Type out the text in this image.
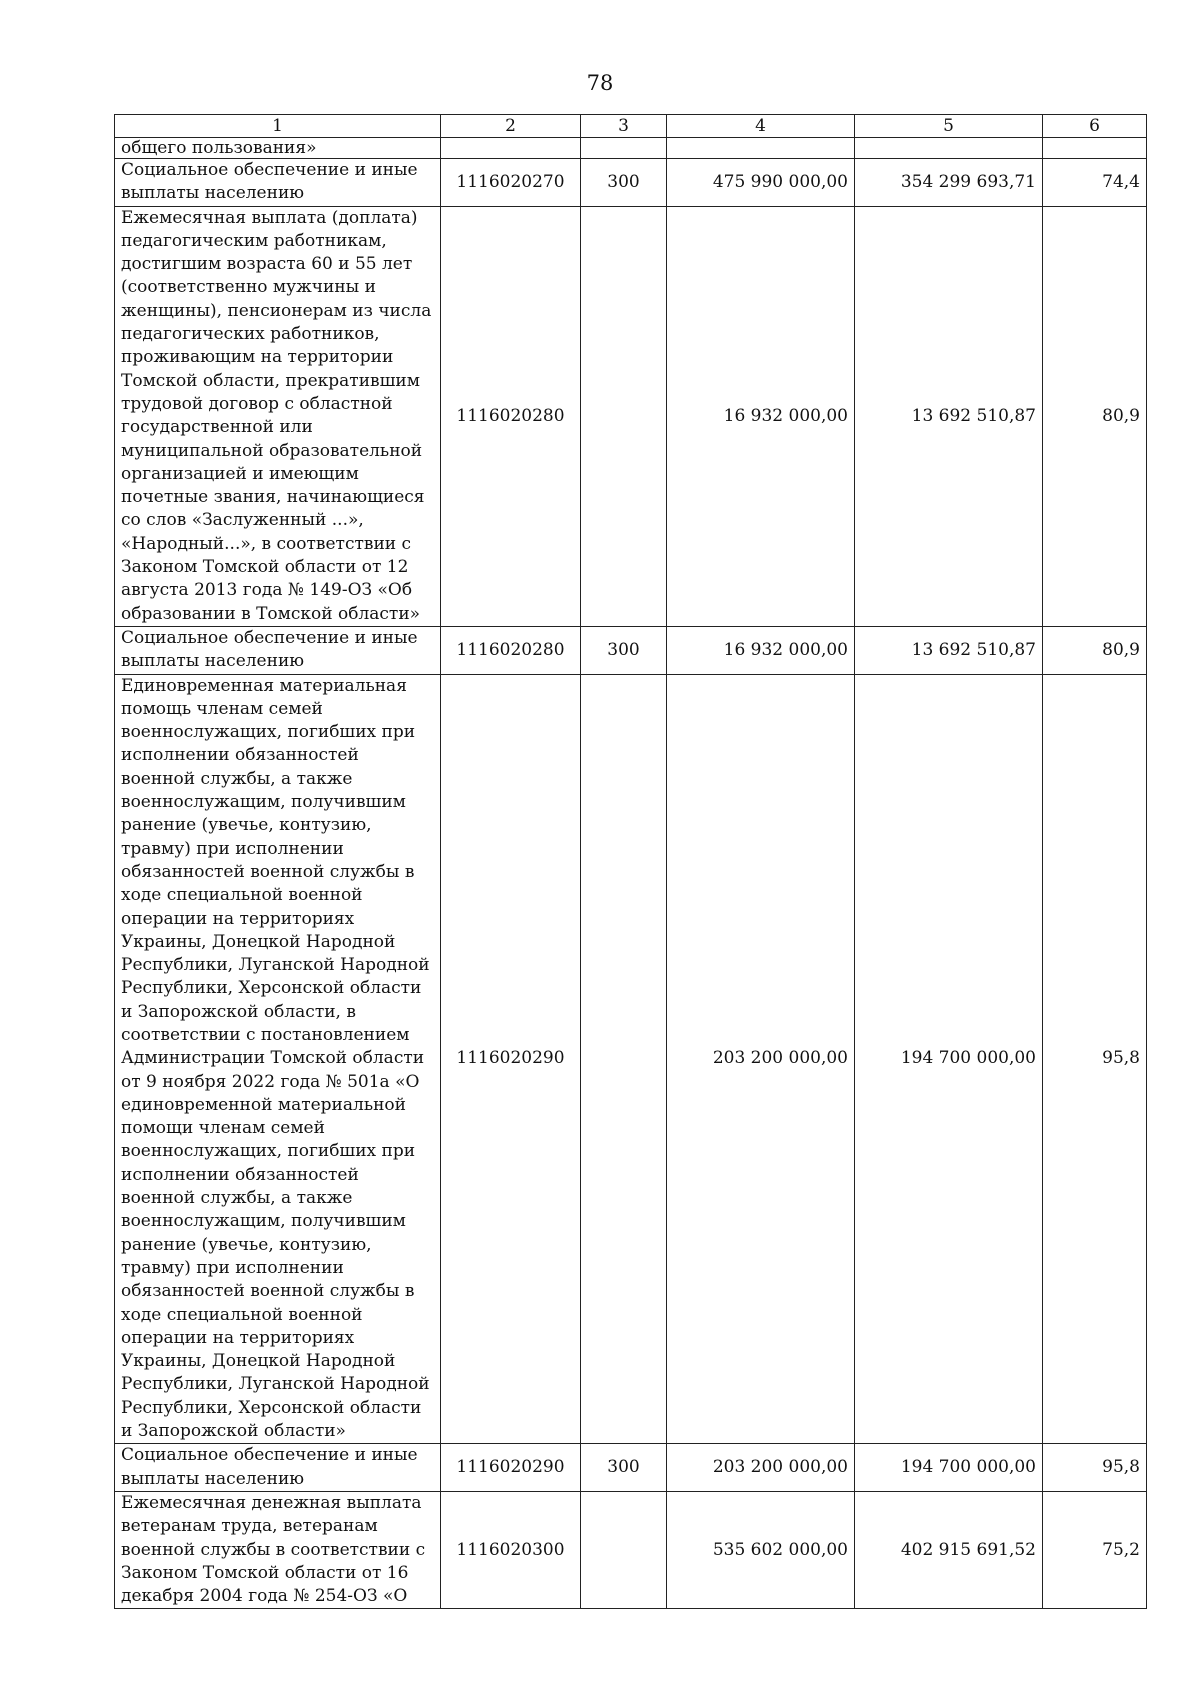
78
1	2	3	4	5	6
общего пользования»					
Социальное обеспечение и иные выплаты населению	1116020270	300	475 990 000,00	354 299 693,71	74,4
Ежемесячная выплата (доплата) педагогическим работникам, достигшим возраста 60 и 55 лет (соответственно мужчины и женщины), пенсионерам из числа педагогических работников, проживающим на территории Томской области, прекратившим трудовой договор с областной государственной или муниципальной образовательной организацией и имеющим почетные звания, начинающиеся со слов «Заслуженный ...», «Народный...», в соответствии с Законом Томской области от 12 августа 2013 года № 149-ОЗ «Об образовании в Томской области»	1116020280		16 932 000,00	13 692 510,87	80,9
Социальное обеспечение и иные выплаты населению	1116020280	300	16 932 000,00	13 692 510,87	80,9
Единовременная материальная помощь членам семей военнослужащих, погибших при исполнении обязанностей военной службы, а также военнослужащим, получившим ранение (увечье, контузию, травму) при исполнении обязанностей военной службы в ходе специальной военной операции на территориях Украины, Донецкой Народной Республики, Луганской Народной Республики, Херсонской области и Запорожской области, в соответствии с постановлением Администрации Томской области от 9 ноября 2022 года № 501а «О единовременной материальной помощи членам семей военнослужащих, погибших при исполнении обязанностей военной службы, а также военнослужащим, получившим ранение (увечье, контузию, травму) при исполнении обязанностей военной службы в ходе специальной военной операции на территориях Украины, Донецкой Народной Республики, Луганской Народной Республики, Херсонской области и Запорожской области»	1116020290		203 200 000,00	194 700 000,00	95,8
Социальное обеспечение и иные выплаты населению	1116020290	300	203 200 000,00	194 700 000,00	95,8
Ежемесячная денежная выплата ветеранам труда, ветеранам военной службы в соответствии с Законом Томской области от 16 декабря 2004 года № 254-ОЗ «О	1116020300		535 602 000,00	402 915 691,52	75,2
